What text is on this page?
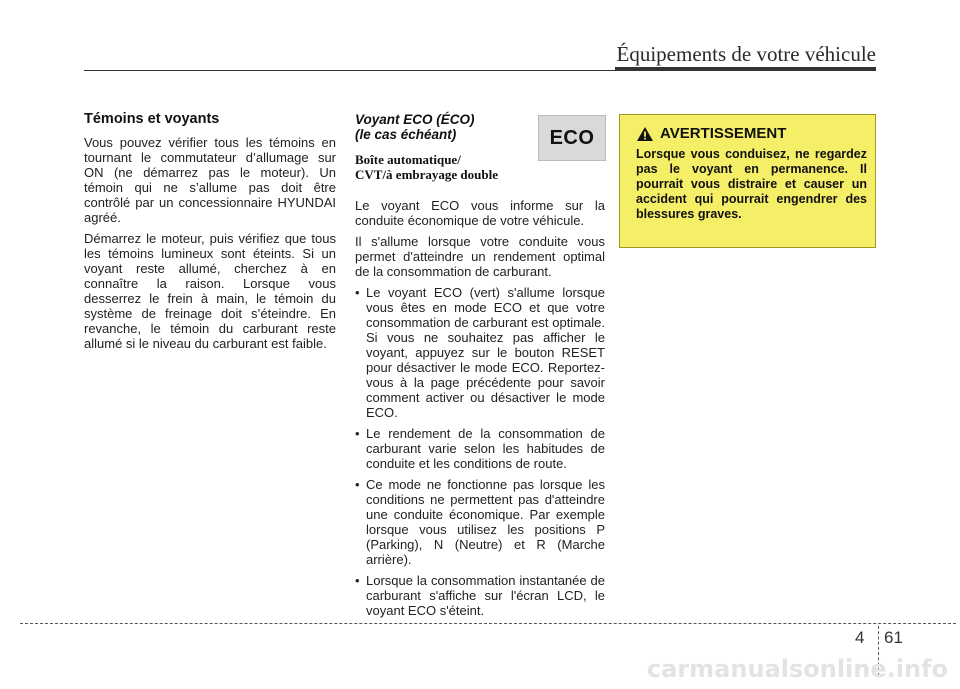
Équipements de votre véhicule
Témoins et voyants

Vous pouvez vérifier tous les témoins en tournant le commutateur d’allumage sur ON (ne démarrez pas le moteur). Un témoin qui ne s’allume pas doit être contrôlé par un concessionnaire HYUNDAI agréé.

Démarrez le moteur, puis vérifiez que tous les témoins lumineux sont éteints. Si un voyant reste allumé, cherchez à en connaître la raison. Lorsque vous desserrez le frein à main, le témoin du système de freinage doit s’éteindre. En revanche, le témoin du carburant reste allumé si le niveau du carburant est faible.

Voyant ECO (ÉCO)
(le cas échéant)
Boîte automatique/
CVT/à embrayage double

Le voyant ECO vous informe sur la conduite économique de votre véhicule.

Il s'allume lorsque votre conduite vous permet d'atteindre un rendement optimal de la consommation de carburant.

• Le voyant ECO (vert) s'allume lorsque vous êtes en mode ECO et que votre consommation de carburant est optimale. Si vous ne souhaitez pas afficher le voyant, appuyez sur le bouton RESET pour désactiver le mode ECO. Reportez-vous à la page précédente pour savoir comment activer ou désactiver le mode ECO.
• Le rendement de la consommation de carburant varie selon les habitudes de conduite et les conditions de route.
• Ce mode ne fonctionne pas lorsque les conditions ne permettent pas d'atteindre une conduite économique. Par exemple lorsque vous utilisez les positions P (Parking), N (Neutre) et R (Marche arrière).
• Lorsque la consommation instantanée de carburant s'affiche sur l'écran LCD, le voyant ECO s'éteint.
ECO	AVERTISSEMENT
Lorsque vous conduisez, ne regardez pas le voyant en permanence. Il pourrait vous distraire et causer un accident qui pourrait engendrer des blessures graves.
4 61
carmanualsonline.info
